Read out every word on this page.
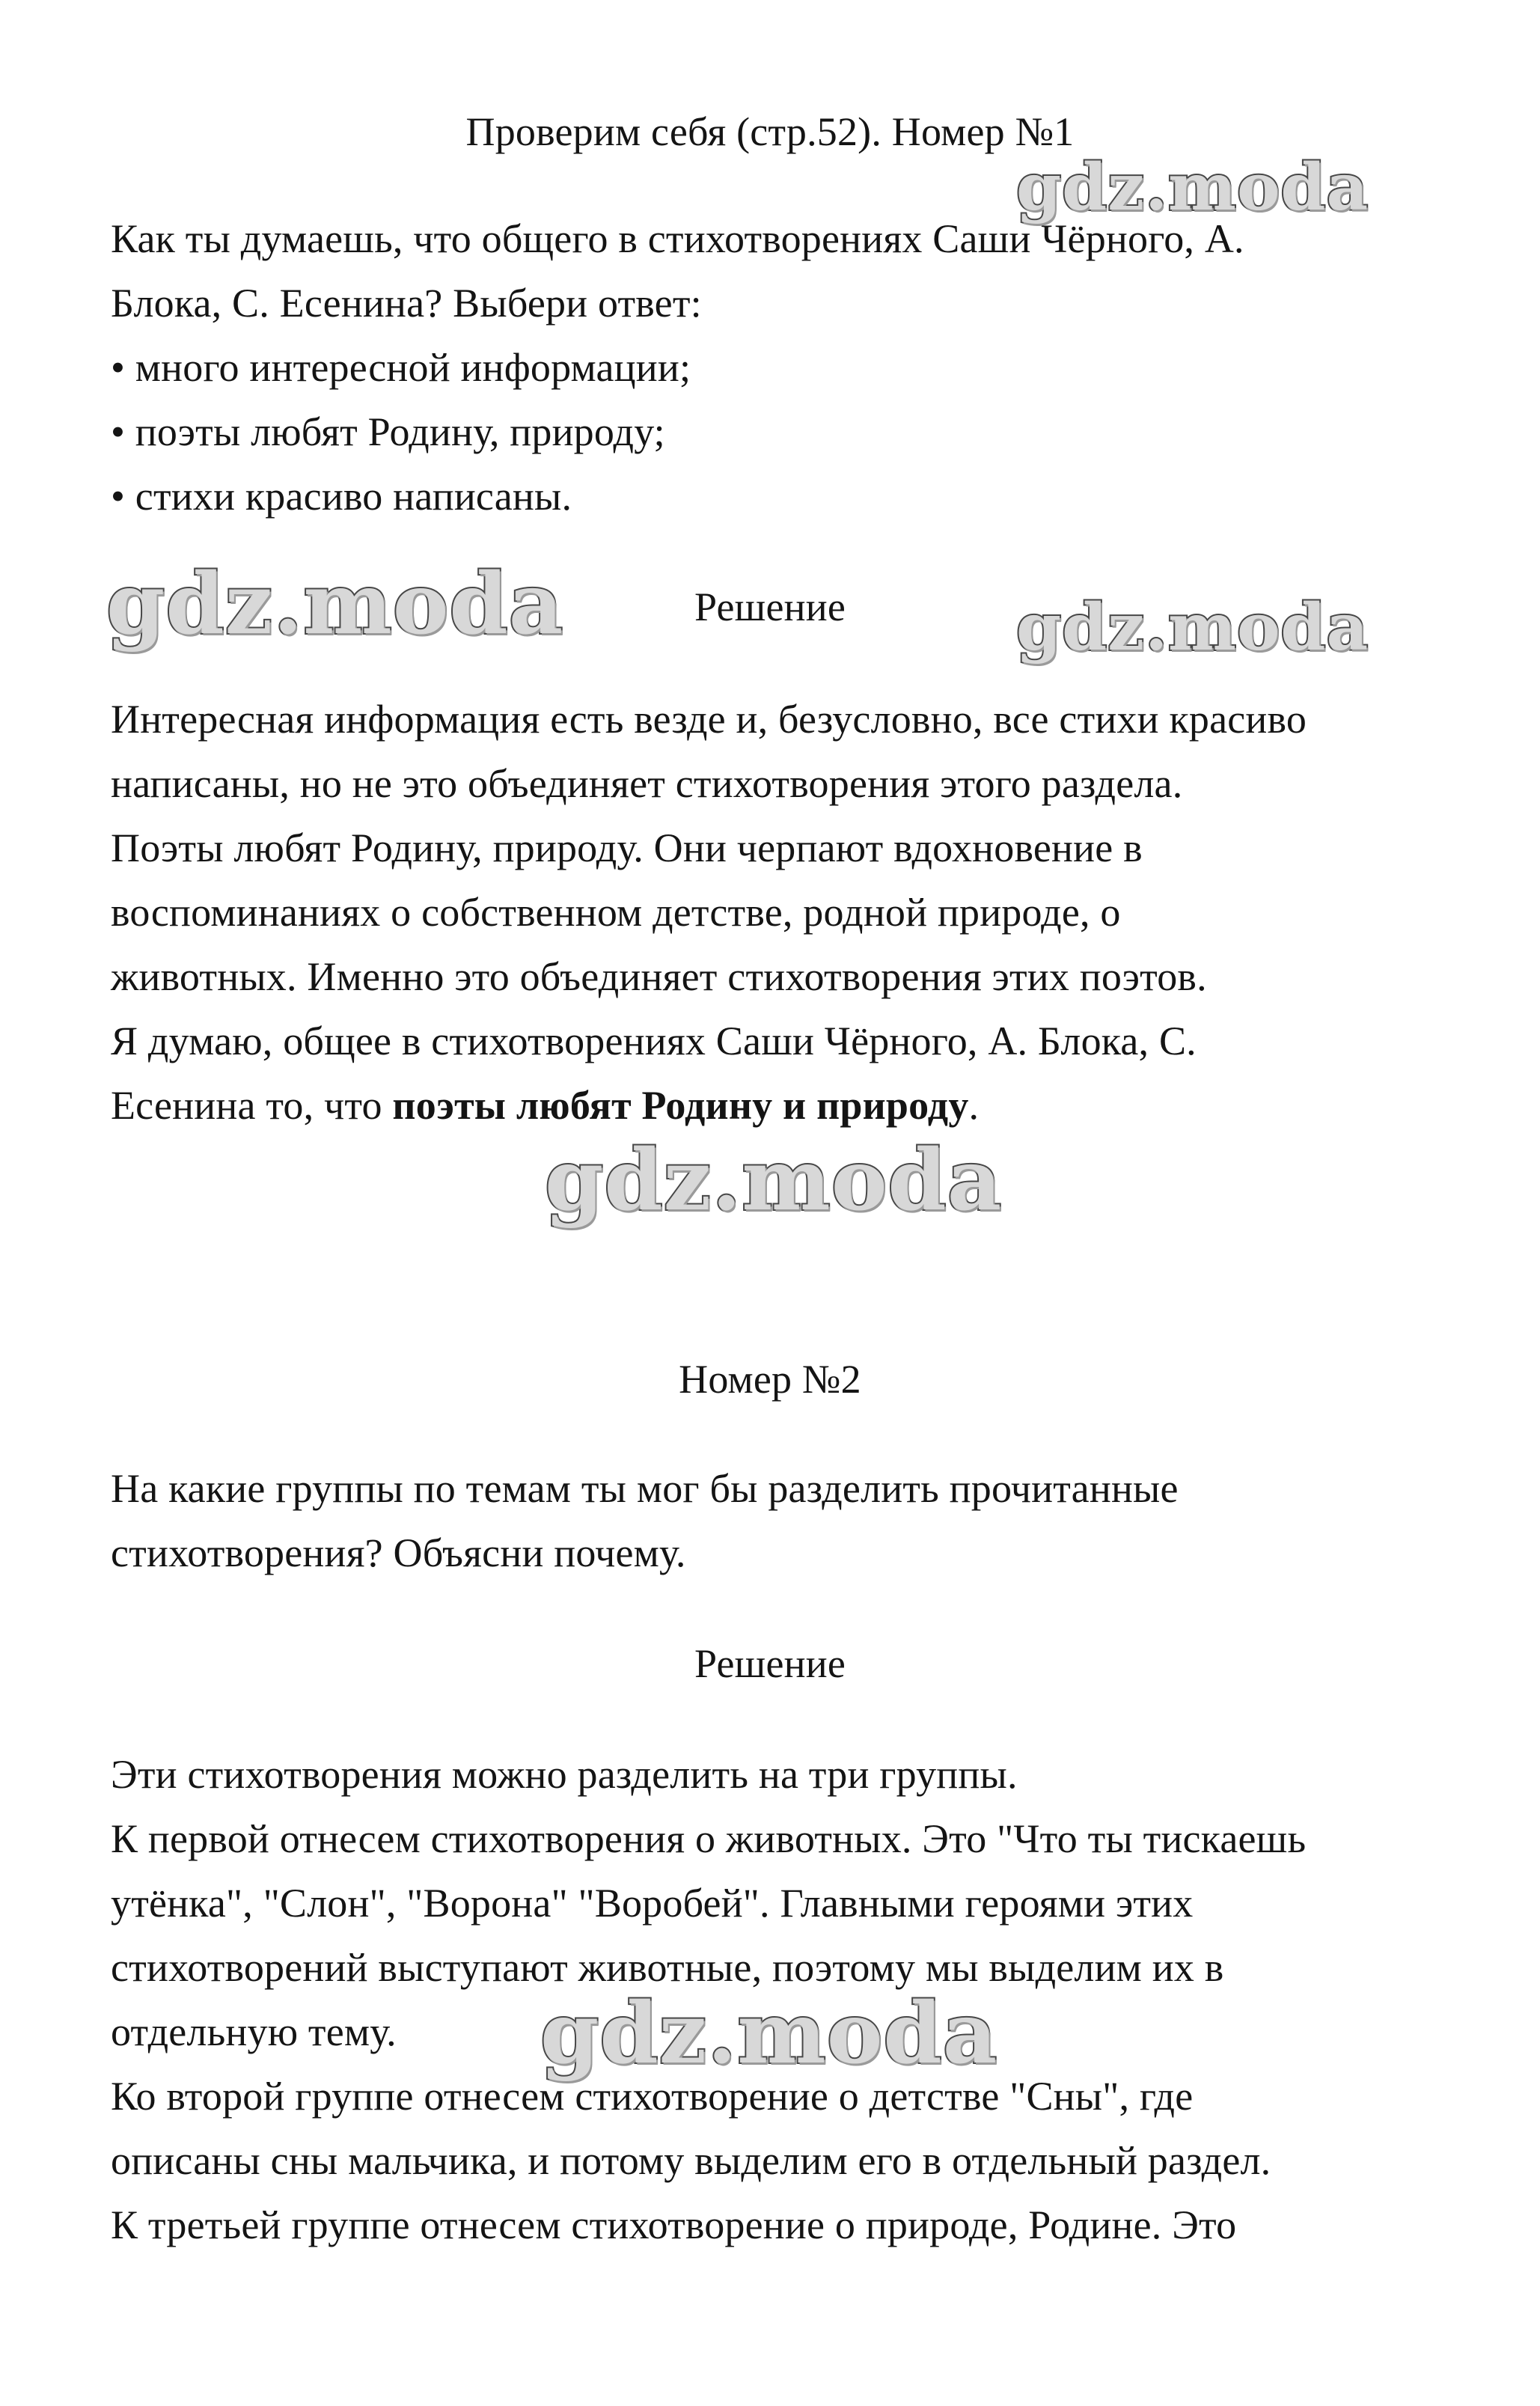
Проверим себя (стр.52). Номер №1
Как ты думаешь, что общего в стихотворениях Саши Чёрного, А.
Блока, С. Есенина? Выбери ответ:
• много интересной информации;
• поэты любят Родину, природу;
• стихи красиво написаны.
Решение
Интересная информация есть везде и, безусловно, все стихи красиво
написаны, но не это объединяет стихотворения этого раздела.
Поэты любят Родину, природу. Они черпают вдохновение в
воспоминаниях о собственном детстве, родной природе, о
животных. Именно это объединяет стихотворения этих поэтов.
Я думаю, общее в стихотворениях Саши Чёрного, А. Блока, С.
Есенина то, что поэты любят Родину и природу.
Номер №2
На какие группы по темам ты мог бы разделить прочитанные
стихотворения? Объясни почему.
Решение
Эти стихотворения можно разделить на три группы.
К первой отнесем стихотворения о животных. Это "Что ты тискаешь
утёнка", "Слон", "Ворона" "Воробей". Главными героями этих
стихотворений выступают животные, поэтому мы выделим их в
отдельную тему.
Ко второй группе отнесем стихотворение о детстве "Сны", где
описаны сны мальчика, и потому выделим его в отдельный раздел.
К третьей группе отнесем стихотворение о природе, Родине. Это
gdz.moda
gdz.moda	gdz.moda
gdz.moda
gdz.moda
